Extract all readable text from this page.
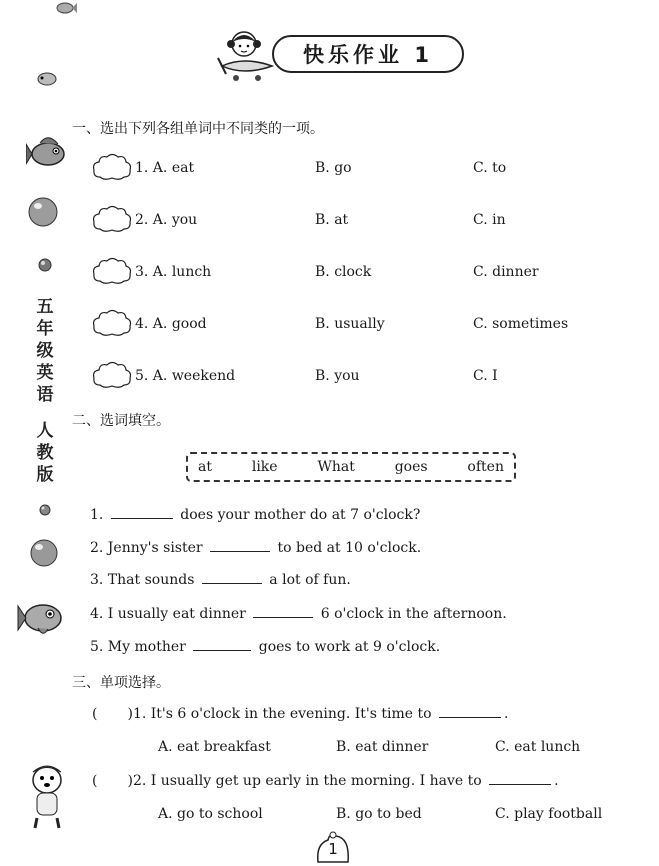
快乐作业 1
五
年
级
英
语
人
教
版
一、选出下列各组单词中不同类的一项。
1. A. eat	B. go	C. to
2. A. you	B. at	C. in
3. A. lunch	B. clock	C. dinner
4. A. good	B. usually	C. sometimes
5. A. weekend	B. you	C. I
二、选词填空。
at	like	What	goes	often
1.	does your mother do at 7 o'clock?
2. Jenny's sister	to bed at 10 o'clock.
3. That sounds	a lot of fun.
4. I usually eat dinner	6 o'clock in the afternoon.
5. My mother	goes to work at 9 o'clock.
三、单项选择。
( )1. It's 6 o'clock in the evening. It's time to	.
A. eat breakfast	B. eat dinner	C. eat lunch
( )2. I usually get up early in the morning. I have to	.
A. go to school	B. go to bed	C. play football
1
